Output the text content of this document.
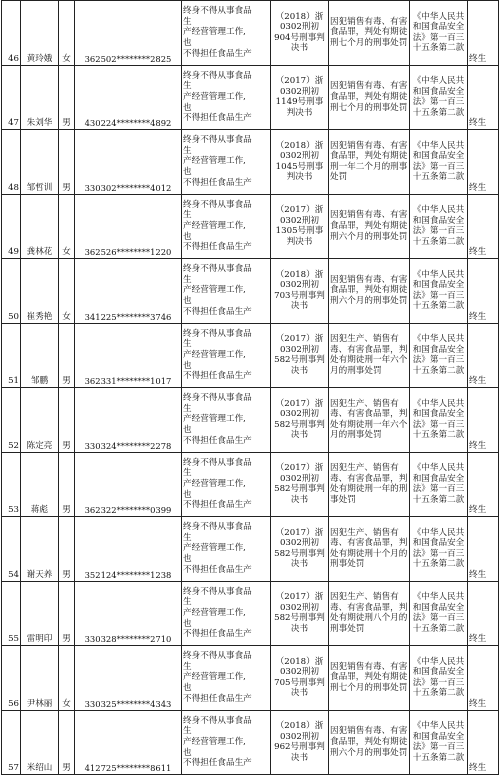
46	黄玲娥	女	362502********2825	终身不得从事食品
生
产经营管理工作,
也
不得担任食品生产	（2018）浙0302刑初904号刑事判决书	因犯销售有毒、有害食品罪，判处有期徒刑七个月的刑事处罚	《中华人民共和国食品安全法》第一百三十五条第二款	终生
47	朱刘华	男	430224********4892	终身不得从事食品
生
产经营管理工作,
也
不得担任食品生产	（2017）浙0302刑初1149号刑事判决书	因犯销售有毒、有害食品罪，判处有期徒刑七个月的刑事处罚	《中华人民共和国食品安全法》第一百三十五条第二款	终生
48	邹哲训	男	330302********4012	终身不得从事食品
生
产经营管理工作,
也
不得担任食品生产	（2018）浙0302刑初1045号刑事判决书	因犯销售有毒、有害食品罪，判处有期徒刑一年二个月的刑事处罚	《中华人民共和国食品安全法》第一百三十五条第二款	终生
49	龚林花	女	362526********1220	终身不得从事食品
生
产经营管理工作,
也
不得担任食品生产	（2017）浙0302刑初1305号刑事判决书	因犯销售有毒、有害食品罪，判处有期徒刑六个月的刑事处罚	《中华人民共和国食品安全法》第一百三十五条第二款	终生
50	崔秀艳	女	341225********3746	终身不得从事食品
生
产经营管理工作,
也
不得担任食品生产	（2018）浙0302刑初703号刑事判决书	因犯销售有毒、有害食品罪，判处有期徒刑六个月的刑事处罚	《中华人民共和国食品安全法》第一百三十五条第二款	终生
51	邹鹏	男	362331********1017	终身不得从事食品
生
产经营管理工作,
也
不得担任食品生产	（2017）浙0302刑初582号刑事判决书	因犯生产、销售有毒、有害食品罪，判处有期徒刑一年六个月的刑事处罚	《中华人民共和国食品安全法》第一百三十五条第二款	终生
52	陈定亮	男	330324********2278	终身不得从事食品
生
产经营管理工作,
也
不得担任食品生产	（2017）浙0302刑初582号刑事判决书	因犯生产、销售有毒、有害食品罪，判处有期徒刑一年六个月的刑事处罚	《中华人民共和国食品安全法》第一百三十五条第二款	终生
53	蒋彪	男	362322********0399	终身不得从事食品
生
产经营管理工作,
也
不得担任食品生产	（2017）浙0302刑初582号刑事判决书	因犯生产、销售有毒、有害食品罪，判处有期徒刑一年的刑事处罚	《中华人民共和国食品安全法》第一百三十五条第二款	终生
54	谢天养	男	352124********1238	终身不得从事食品
生
产经营管理工作,
也
不得担任食品生产	（2017）浙0302刑初582号刑事判决书	因犯生产、销售有毒、有害食品罪，判处有期徒刑十个月的刑事处罚	《中华人民共和国食品安全法》第一百三十五条第二款	终生
55	雷明印	男	330328********2710	终身不得从事食品
生
产经营管理工作,
也
不得担任食品生产	（2017）浙0302刑初582号刑事判决书	因犯生产、销售有毒、有害食品罪，判处有期徒刑八个月的刑事处罚	《中华人民共和国食品安全法》第一百三十五条第二款	终生
56	尹林丽	女	330325********4343	终身不得从事食品
生
产经营管理工作,
也
不得担任食品生产	（2018）浙0302刑初705号刑事判决书	因犯销售有毒、有害食品罪，判处有期徒刑七个月的刑事处罚	《中华人民共和国食品安全法》第一百三十五条第二款	终生
57	米绍山	男	412725********8611	终身不得从事食品
生
产经营管理工作,
也
不得担任食品生产	（2018）浙0302刑初962号刑事判决书	因犯销售有毒、有害食品罪，判处有期徒刑六个月的刑事处罚	《中华人民共和国食品安全法》第一百三十五条第二款	终生
